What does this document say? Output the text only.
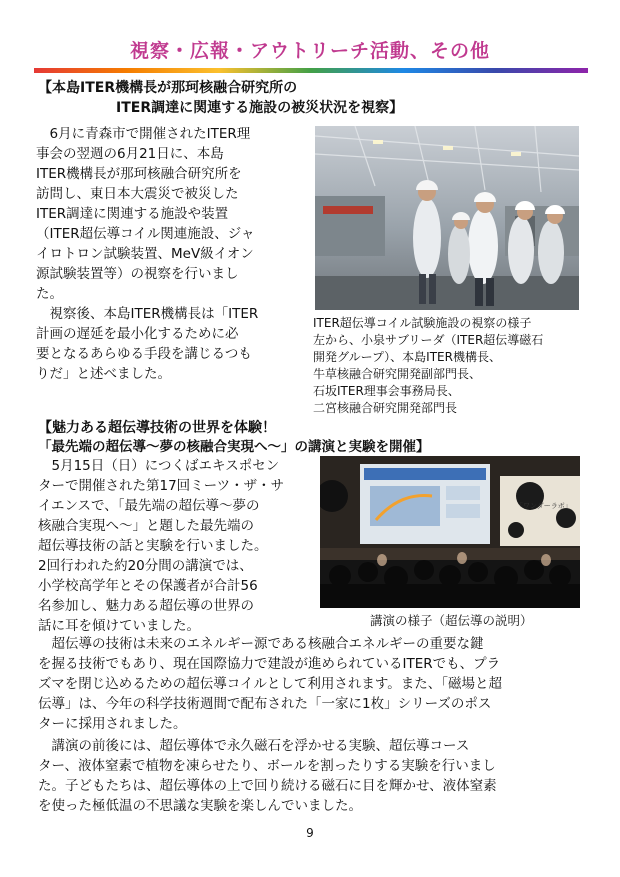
視察・広報・アウトリーチ活動、その他
【本島ITER機構長が那珂核融合研究所の
ITER調達に関連する施設の被災状況を視察】
6月に青森市で開催されたITER理
事会の翌週の6月21日に、本島
ITER機構長が那珂核融合研究所を
訪問し、東日本大震災で被災した
ITER調達に関連する施設や装置
（ITER超伝導コイル関連施設、ジャ
イロトロン試験装置、MeV級イオン
源試験装置等）の視察を行いまし
た。
視察後、本島ITER機構長は「ITER
計画の遅延を最小化するために必
要となるあらゆる手段を講じるつも
りだ」と述べました。
ITER超伝導コイル試験施設の視察の様子
左から、小泉サブリーダ（ITER超伝導磁石
開発グループ）、本島ITER機構長、
牛草核融合研究開発副部門長、
石坂ITER理事会事務局長、
二宮核融合研究開発部門長
【魅力ある超伝導技術の世界を体験！
「最先端の超伝導～夢の核融合実現へ～」の講演と実験を開催】
5月15日（日）につくばエキスポセン
ターで開催された第17回ミーツ・ザ・サ
イエンスで、「最先端の超伝導～夢の
核融合実現へ～」と題した最先端の
超伝導技術の話と実験を行いました。
2回行われた約20分間の講演では、
小学校高学年とその保護者が合計56
名参加し、魅力ある超伝導の世界の
話に耳を傾けていました。
「ワンダーラボ」
講演の様子（超伝導の説明）
超伝導の技術は未来のエネルギー源である核融合エネルギーの重要な鍵
を握る技術でもあり、現在国際協力で建設が進められているITERでも、プラ
ズマを閉じ込めるための超伝導コイルとして利用されます。また、「磁場と超
伝導」は、今年の科学技術週間で配布された「一家に1枚」シリーズのポス
ターに採用されました。
講演の前後には、超伝導体で永久磁石を浮かせる実験、超伝導コース
ター、液体窒素で植物を凍らせたり、ボールを割ったりする実験を行いまし
た。子どもたちは、超伝導体の上で回り続ける磁石に目を輝かせ、液体窒素
を使った極低温の不思議な実験を楽しんでいました。
9
